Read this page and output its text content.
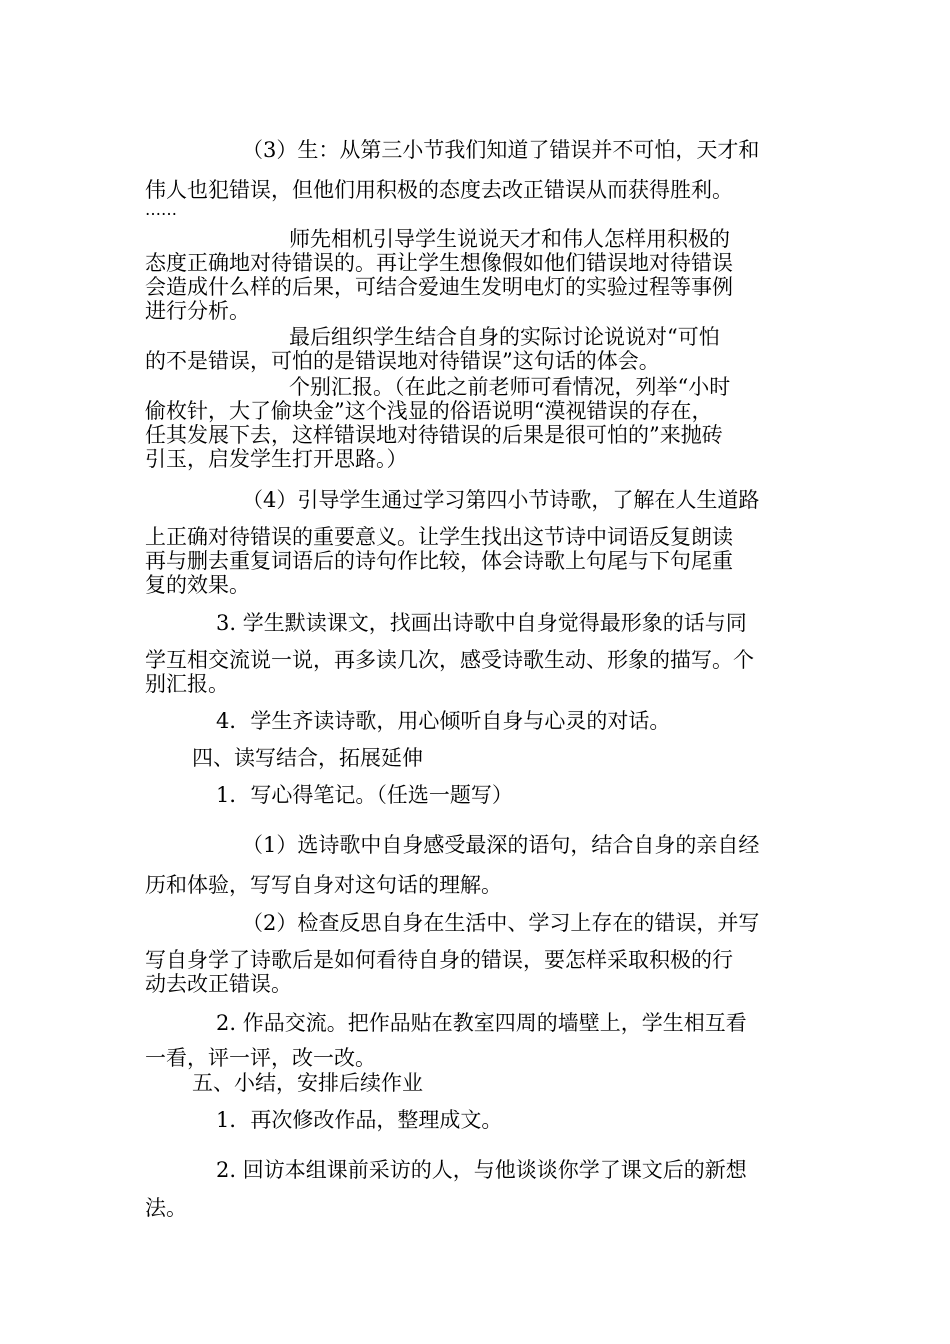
（3）生：从第三小节我们知道了错误并不可怕，天才和
伟人也犯错误，但他们用积极的态度去改正错误从而获得胜利。
……
师先相机引导学生说说天才和伟人怎样用积极的
态度正确地对待错误的。再让学生想像假如他们错误地对待错误
会造成什么样的后果，可结合爱迪生发明电灯的实验过程等事例
进行分析。
最后组织学生结合自身的实际讨论说说对“可怕
的不是错误，可怕的是错误地对待错误”这句话的体会。
个别汇报。（在此之前老师可看情况，列举“小时
偷枚针，大了偷块金”这个浅显的俗语说明“漠视错误的存在，
任其发展下去，这样错误地对待错误的后果是很可怕的”来抛砖
引玉，启发学生打开思路。）
（4）引导学生通过学习第四小节诗歌，了解在人生道路
上正确对待错误的重要意义。让学生找出这节诗中词语反复朗读
再与删去重复词语后的诗句作比较，体会诗歌上句尾与下句尾重
复的效果。
3. 学生默读课文，找画出诗歌中自身觉得最形象的话与同
学互相交流说一说，再多读几次，感受诗歌生动、形象的描写。个
别汇报。
4．学生齐读诗歌，用心倾听自身与心灵的对话。
四、读写结合，拓展延伸
1．写心得笔记。（任选一题写）
（1）选诗歌中自身感受最深的语句，结合自身的亲自经
历和体验，写写自身对这句话的理解。
（2）检查反思自身在生活中、学习上存在的错误，并写
写自身学了诗歌后是如何看待自身的错误，要怎样采取积极的行
动去改正错误。
2. 作品交流。把作品贴在教室四周的墙壁上，学生相互看
一看，评一评，改一改。
五、小结，安排后续作业
1．再次修改作品，整理成文。
2. 回访本组课前采访的人，与他谈谈你学了课文后的新想
法。
